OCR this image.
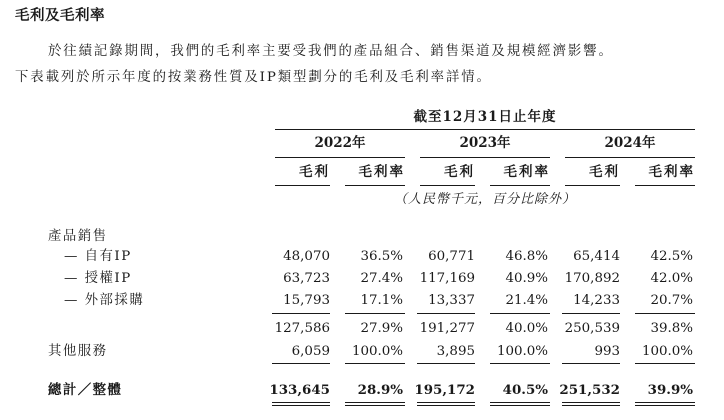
毛利及毛利率
於往績記錄期間，我們的毛利率主要受我們的產品組合、銷售渠道及規模經濟影響。
下表載列於所示年度的按業務性質及IP類型劃分的毛利及毛利率詳情。
截至12月31日止年度
2022年	2023年	2024年
毛利	毛利率	毛利	毛利率	毛利	毛利率
（人民幣千元，百分比除外）
產品銷售
— 自有IP	48,070	36.5%	60,771	46.8%	65,414	42.5%
— 授權IP	63,723	27.4%	117,169	40.9%	170,892	42.0%
— 外部採購	15,793	17.1%	13,337	21.4%	14,233	20.7%
127,586	27.9%	191,277	40.0%	250,539	39.8%
其他服務	6,059	100.0%	3,895	100.0%	993	100.0%
總計／整體	133,645	28.9% 195,172	40.5% 251,532	39.9%
